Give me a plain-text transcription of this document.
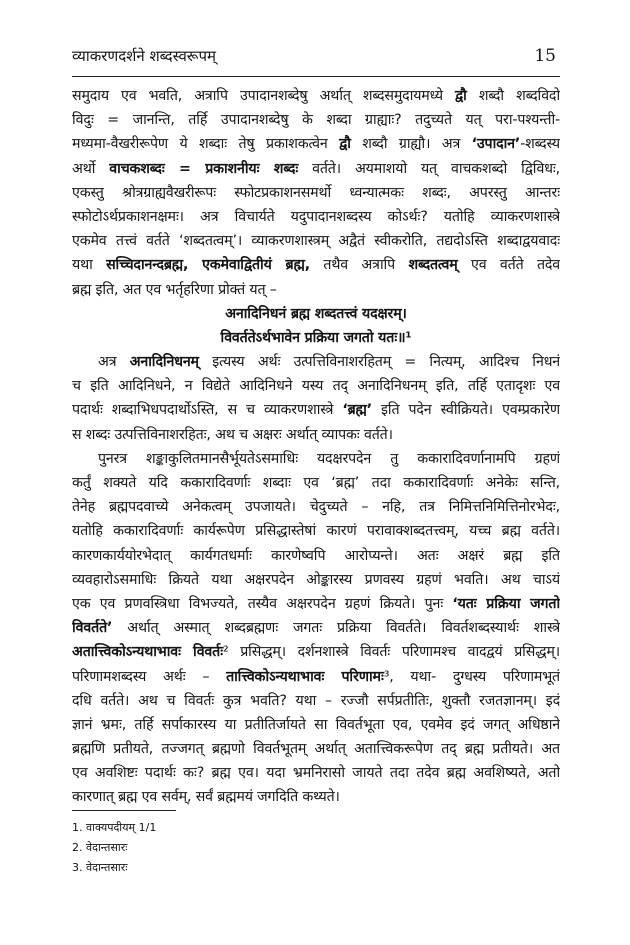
व्याकरणदर्शने शब्दस्वरूपम्	15
समुदाय एव भवति, अत्रापि उपादानशब्देषु अर्थात् शब्दसमुदायमध्ये द्वौ शब्दौ शब्दविदो
विदुः = जानन्ति, तर्हि उपादानशब्देषु के शब्दा ग्राह्याः? तदुच्यते यत् परा-पश्यन्ती-
मध्यमा-वैखरीरूपेण ये शब्दाः तेषु प्रकाशकत्वेन द्वौ शब्दौ ग्राह्यौ। अत्र ‘उपादान’-शब्दस्य
अर्थो वाचकशब्दः = प्रकाशनीयः शब्दः वर्तते। अयमाशयो यत् वाचकशब्दो द्विविधः,
एकस्तु श्रोत्रग्राह्यवैखरीरूपः स्फोटप्रकाशनसमर्थो ध्वन्यात्मकः शब्दः, अपरस्तु आन्तरः
स्फोटोऽर्थप्रकाशनक्षमः। अत्र विचार्यते यदुपादानशब्दस्य कोऽर्थः? यतोहि व्याकरणशास्त्रे
एकमेव तत्त्वं वर्तते ‘शब्दतत्वम्’। व्याकरणशास्त्रम् अद्वैतं स्वीकरोति, तद्यदोऽस्ति शब्दाद्वयवादः
यथा सच्चिदानन्दब्रह्म, एकमेवाद्वितीयं ब्रह्म, तथैव अत्रापि शब्दतत्वम् एव वर्तते तदेव
ब्रह्म इति, अत एव भर्तृहरिणा प्रोक्तं यत् –
अनादिनिधनं ब्रह्म शब्दतत्त्वं यदक्षरम्।
विवर्ततेऽर्थभावेन प्रक्रिया जगतो यतः॥¹
अत्र अनादिनिधनम् इत्यस्य अर्थः उत्पत्तिविनाशरहितम् = नित्यम्, आदिश्च निधनं
च इति आदिनिधने, न विद्येते आदिनिधने यस्य तद् अनादिनिधनम् इति, तर्हि एतादृशः एव
पदार्थः शब्दाभिधपदार्थोऽस्ति, स च व्याकरणशास्त्रे ‘ब्रह्म’ इति पदेन स्वीक्रियते। एवम्प्रकारेण
स शब्दः उत्पत्तिविनाशरहितः, अथ च अक्षरः अर्थात् व्यापकः वर्तते।
पुनरत्र शङ्काकुलितमानसैर्भूयतेऽसमाधिः यदक्षरपदेन तु ककारादिवर्णानामपि ग्रहणं
कर्तुं शक्यते यदि ककारादिवर्णाः शब्दाः एव ‘ब्रह्म’ तदा ककारादिवर्णाः अनेकेः सन्ति,
तेनेह ब्रह्मपदवाच्ये अनेकत्वम् उपजायते। चेदुच्यते – नहि, तत्र निमित्तनिमित्तिनोरभेदः,
यतोहि ककारादिवर्णाः कार्यरूपेण प्रसिद्धास्तेषां कारणं परावाक्शब्दतत्त्वम्, यच्च ब्रह्म वर्तते।
कारणकार्ययोरभेदात् कार्यगतधर्माः कारणेष्वपि आरोप्यन्ते। अतः अक्षरं ब्रह्म इति
व्यवहारोऽसमाधिः क्रियते यथा अक्षरपदेन ओङ्कारस्य प्रणवस्य ग्रहणं भवति। अथ चाऽयं
एक एव प्रणवस्त्रिधा विभज्यते, तस्यैव अक्षरपदेन ग्रहणं क्रियते। पुनः ‘यतः प्रक्रिया जगतो
विवर्तते’ अर्थात् अस्मात् शब्दब्रह्मणः जगतः प्रक्रिया विवर्तते। विवर्तशब्दस्यार्थः शास्त्रे
अतात्त्विकोऽन्यथाभावः विवर्तः² प्रसिद्धम्। दर्शनशास्त्रे विवर्तः परिणामश्च वादद्वयं प्रसिद्धम्।
परिणामशब्दस्य अर्थः – तात्त्विकोऽन्यथाभावः परिणामः³, यथा- दुग्धस्य परिणामभूतं
दधि वर्तते। अथ च विवर्तः कुत्र भवति? यथा – रज्जौ सर्पप्रतीतिः, शुक्तौ रजतज्ञानम्। इदं
ज्ञानं भ्रमः, तर्हि सर्पाकारस्य या प्रतीतिर्जायते सा विवर्तभूता एव, एवमेव इदं जगत् अधिष्ठाने
ब्रह्मणि प्रतीयते, तज्जगत् ब्रह्मणो विवर्तभूतम् अर्थात् अतात्त्विकरूपेण तद् ब्रह्म प्रतीयते। अत
एव अवशिष्टः पदार्थः कः? ब्रह्म एव। यदा भ्रमनिरासो जायते तदा तदेव ब्रह्म अवशिष्यते, अतो
कारणात् ब्रह्म एव सर्वम्, सर्वं ब्रह्ममयं जगदिति कथ्यते।
1. वाक्यपदीयम् 1/1
2. वेदान्तसारः
3. वेदान्तसारः
